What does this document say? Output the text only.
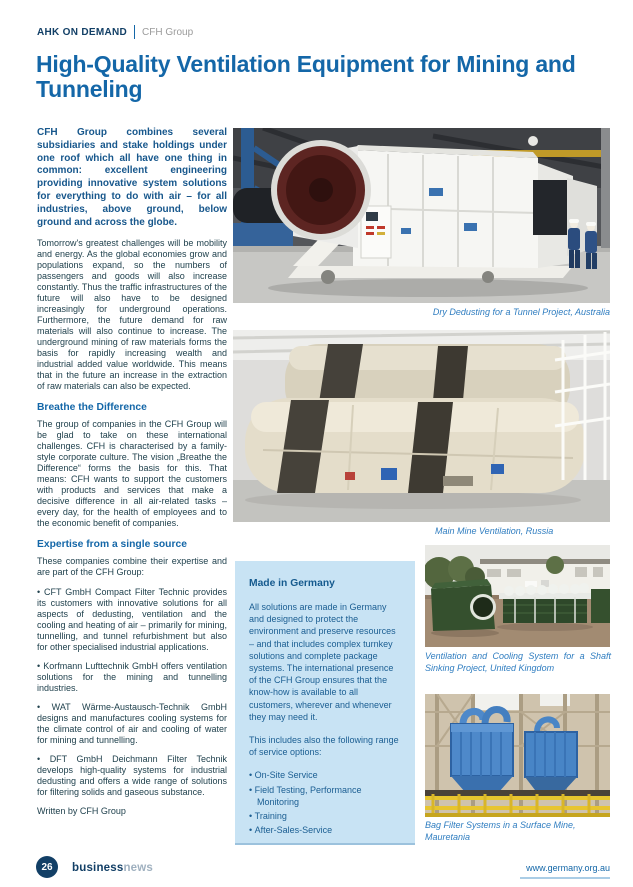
AHK ON DEMAND CFH Group
High-Quality Ventilation Equipment for Mining and Tunneling

CFH Group combines several subsidiaries and stake holdings under one roof which all have one thing in common: excellent engineering providing innovative system solutions for everything to do with air – for all industries, above ground, below ground and across the globe.

Tomorrow's greatest challenges will be mobility and energy. As the global economies grow and populations expand, so the numbers of passengers and goods will also increase constantly. Thus the traffic infrastructures of the future will also have to be designed increasingly for underground operations. Furthermore, the future demand for raw materials will also continue to increase. The underground mining of raw materials forms the basis for rapidly increasing wealth and industrial added value worldwide. This means that in the future an increase in the extraction of raw materials can also be expected.

Breathe the Difference

The group of companies in the CFH Group will be glad to take on these international challenges. CFH is characterised by a family-style corporate culture. The vision „Breathe the Difference“ forms the basis for this. That means: CFH wants to support the customers with products and services that make a decisive difference in all air-related tasks – every day, for the health of employees and to the economic benefit of companies.

Expertise from a single source

These companies combine their expertise and are part of the CFH Group:

• CFT GmbH Compact Filter Technic provides its customers with innovative solutions for all aspects of dedusting, ventilation and the cooling and heating of air – primarily for mining, tunnelling, and tunnel refurbishment but also for other specialised industrial applications.
• Korfmann Lufttechnik GmbH offers ventilation solutions for the mining and tunnelling industries.
• WAT Wärme-Austausch-Technik GmbH designs and manufactures cooling systems for the climate control of air and cooling of water for mining and tunnelling.
• DFT GmbH Deichmann Filter Technik develops high-quality systems for industrial dedusting and offers a wide range of solutions for filtering solids and gaseous substance.

Written by CFH Group

Dry Dedusting for a Tunnel Project, Australia
Main Mine Ventilation, Russia
Made in Germany

All solutions are made in Germany and designed to protect the environment and preserve resources – and that includes complex turnkey solutions and complete package systems. The international presence of the CFH Group ensures that the know-how is available to all customers, wherever and whenever they may need it.

This includes also the following range of service options:

• On-Site Service
• Field Testing, Performance Monitoring
• Training
• After-Sales-Service
Ventilation and Cooling System for a Shaft Sinking Project, United Kingdom
Bag Filter Systems in a Surface Mine, Mauretania
26	businessnews	www.germany.org.au
